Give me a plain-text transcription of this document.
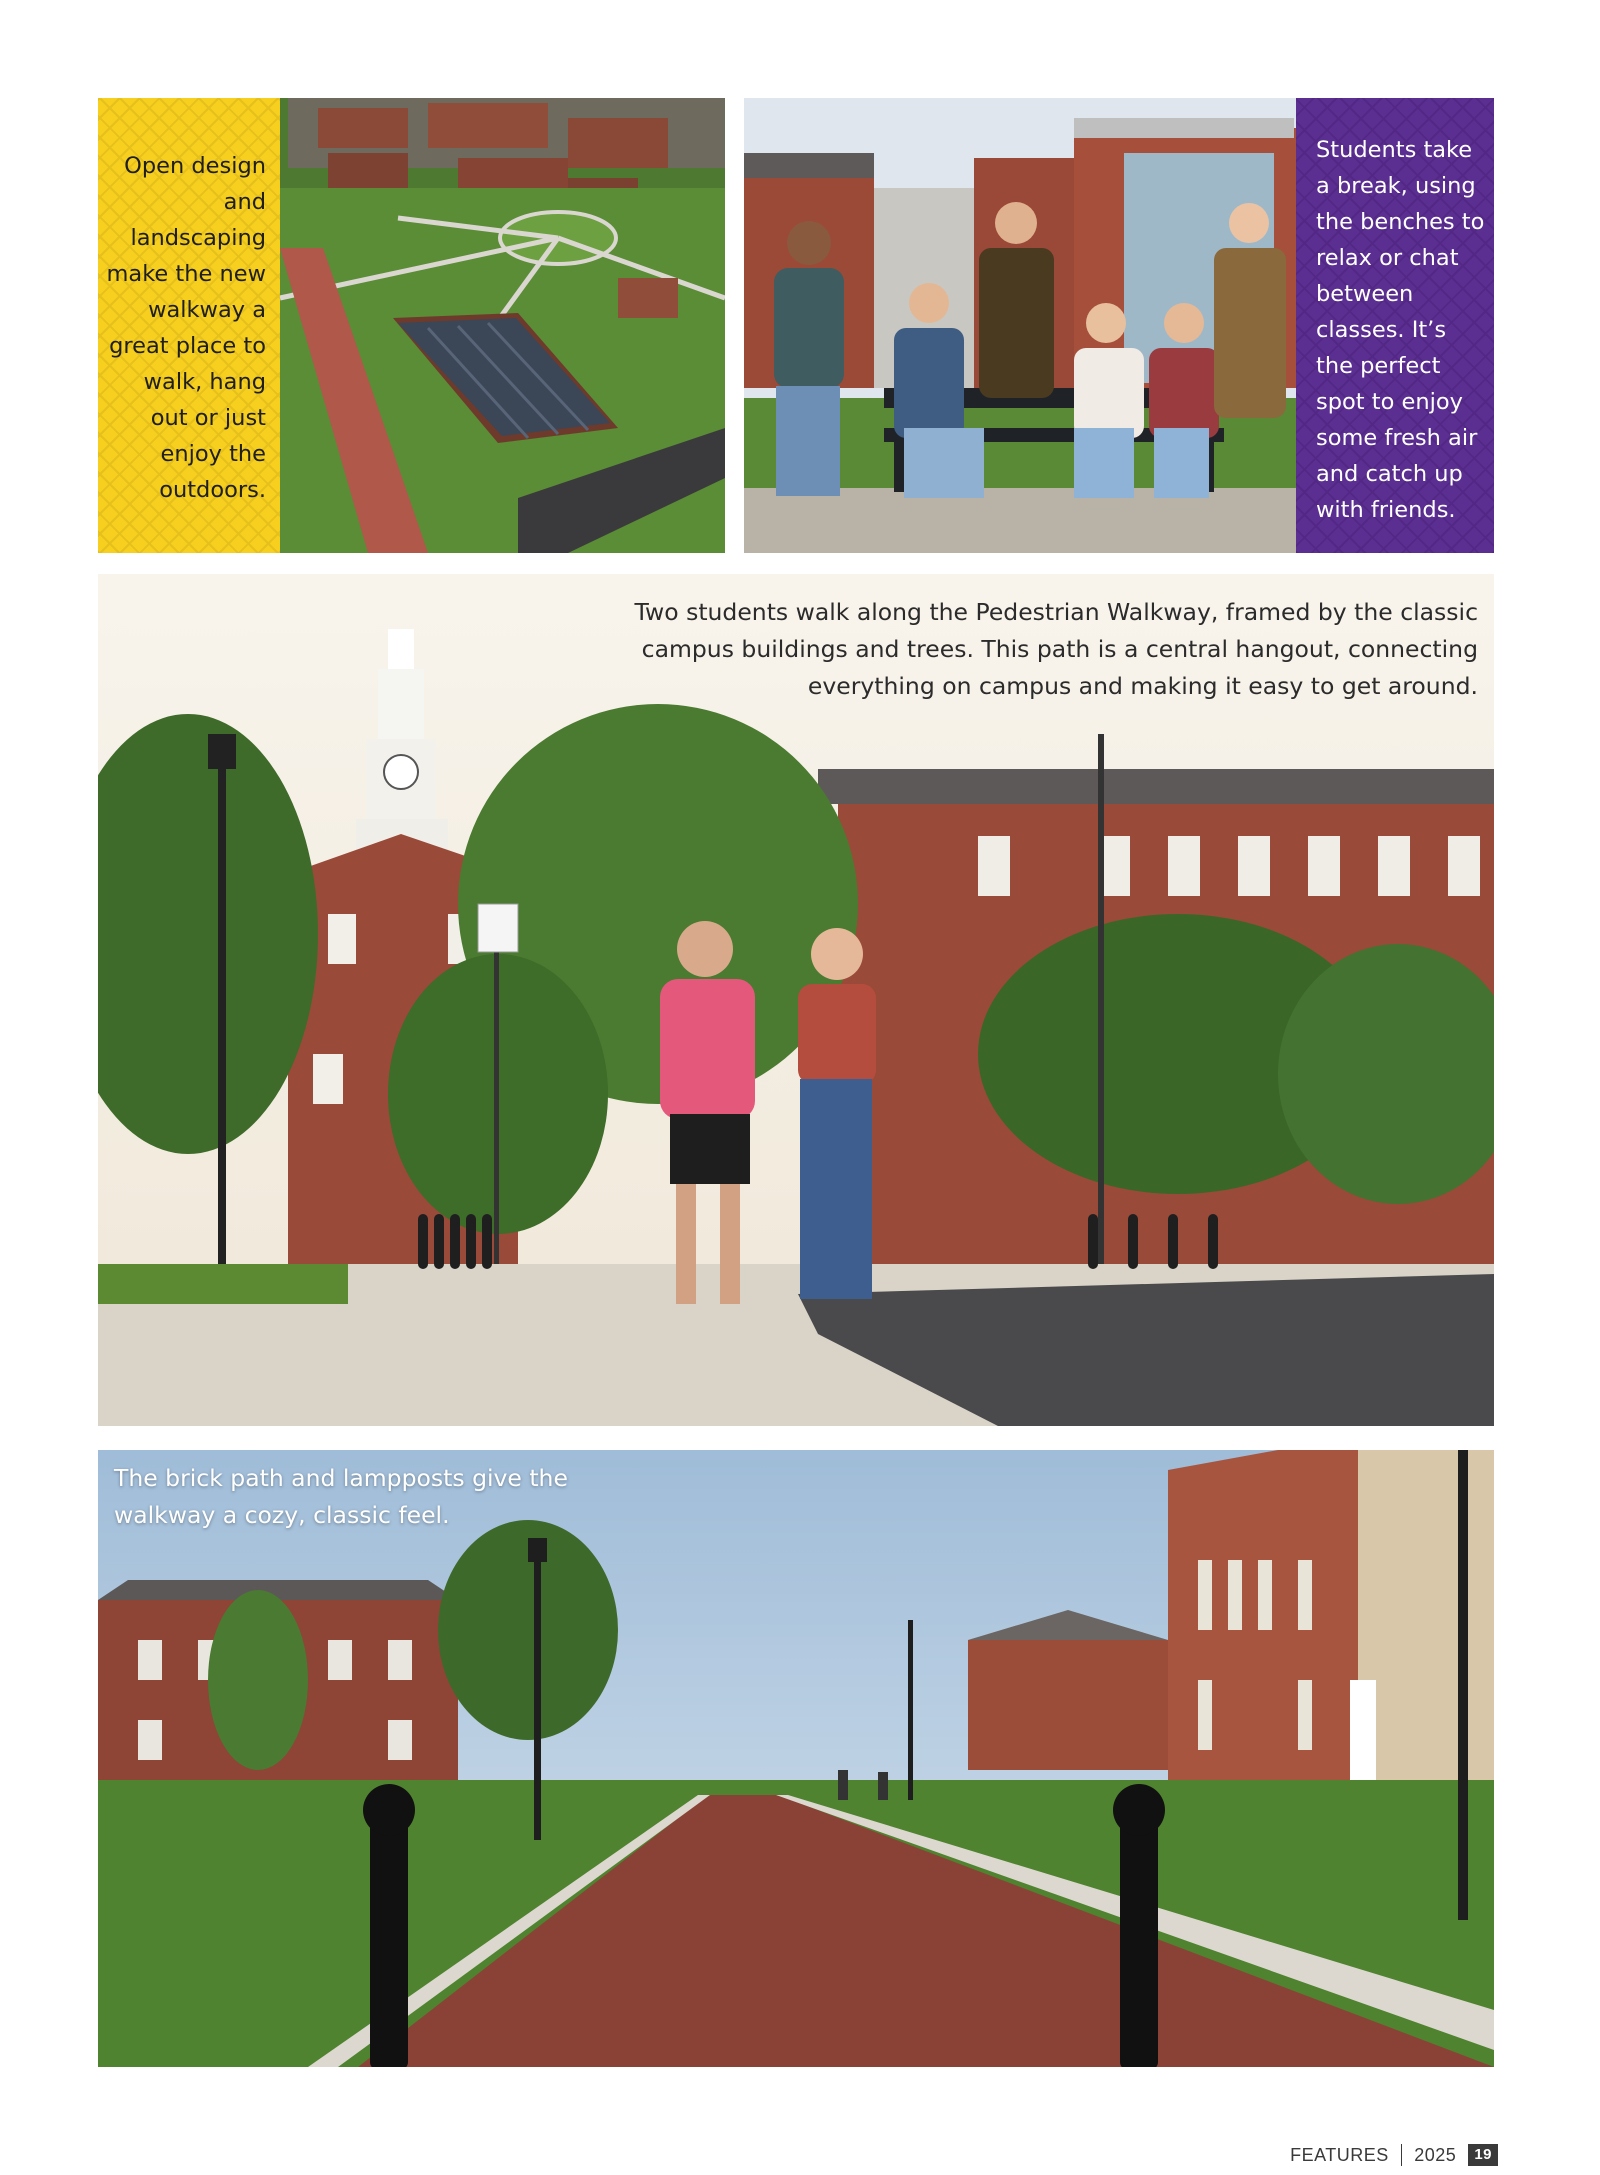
Open design and landscaping make the new walkway a great place to walk, hang out or just enjoy the outdoors.

Students take a break, using the benches to relax or chat between classes. It’s the perfect spot to enjoy some fresh air and catch up with friends.

Two students walk along the Pedestrian Walkway, framed by the classic campus buildings and trees. This path is a central hangout, connecting everything on campus and making it easy to get around.

The brick path and lampposts give the walkway a cozy, classic feel.

FEATURES 2025	19
